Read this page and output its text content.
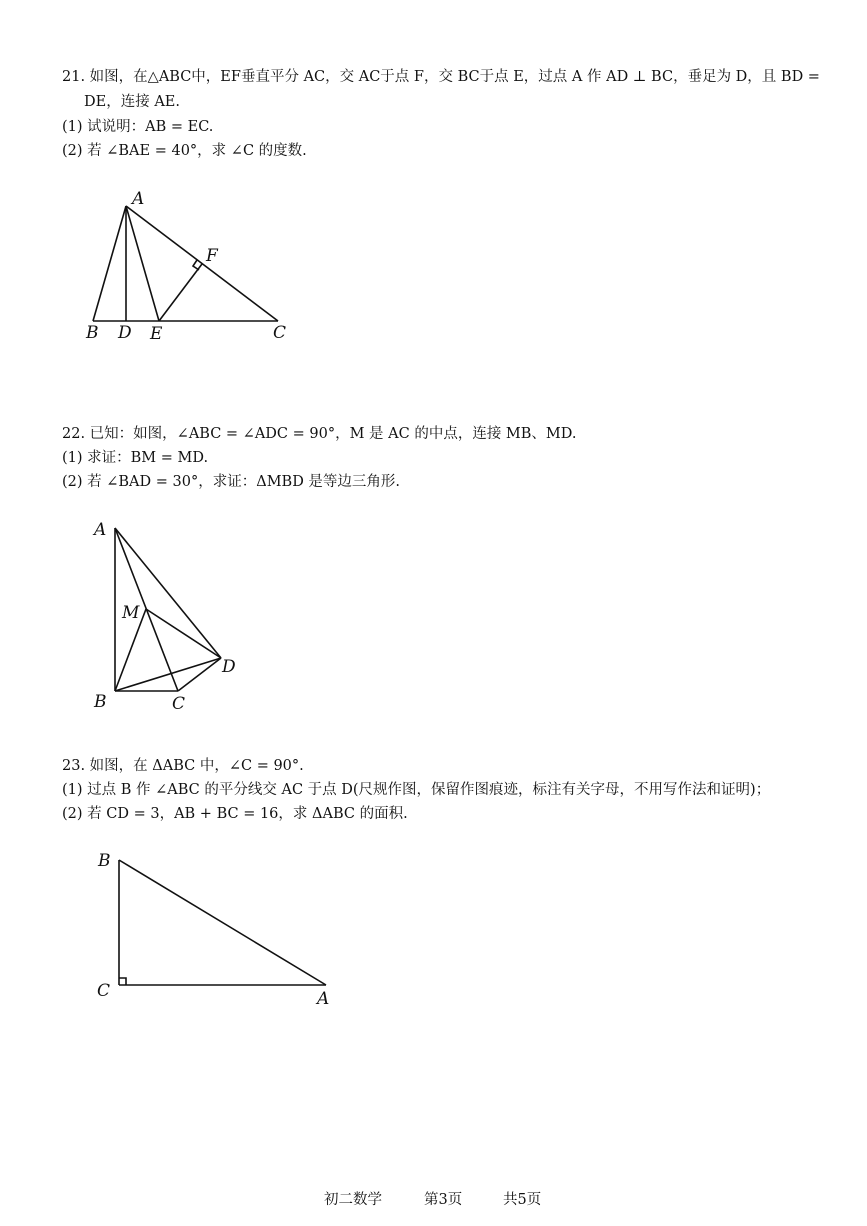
21. 如图，在△ABC中，EF垂直平分 AC，交 AC于点 F，交 BC于点 E，过点 A 作 AD ⊥ BC，垂足为 D，且 BD =
DE，连接 AE.
(1) 试说明：AB = EC.
(2) 若 ∠BAE = 40°，求 ∠C 的度数.
A
B D E
F
C
A
M
B	C
D
B
C	A
22. 已知：如图，∠ABC = ∠ADC = 90°，M 是 AC 的中点，连接 MB、MD.
(1) 求证：BM = MD.
(2) 若 ∠BAD = 30°，求证：ΔMBD 是等边三角形.
23. 如图，在 ΔABC 中，∠C = 90°.
(1) 过点 B 作 ∠ABC 的平分线交 AC 于点 D(尺规作图，保留作图痕迹，标注有关字母，不用写作法和证明)；
(2) 若 CD = 3，AB + BC = 16，求 ΔABC 的面积.
初二数学	第3页	共5页
